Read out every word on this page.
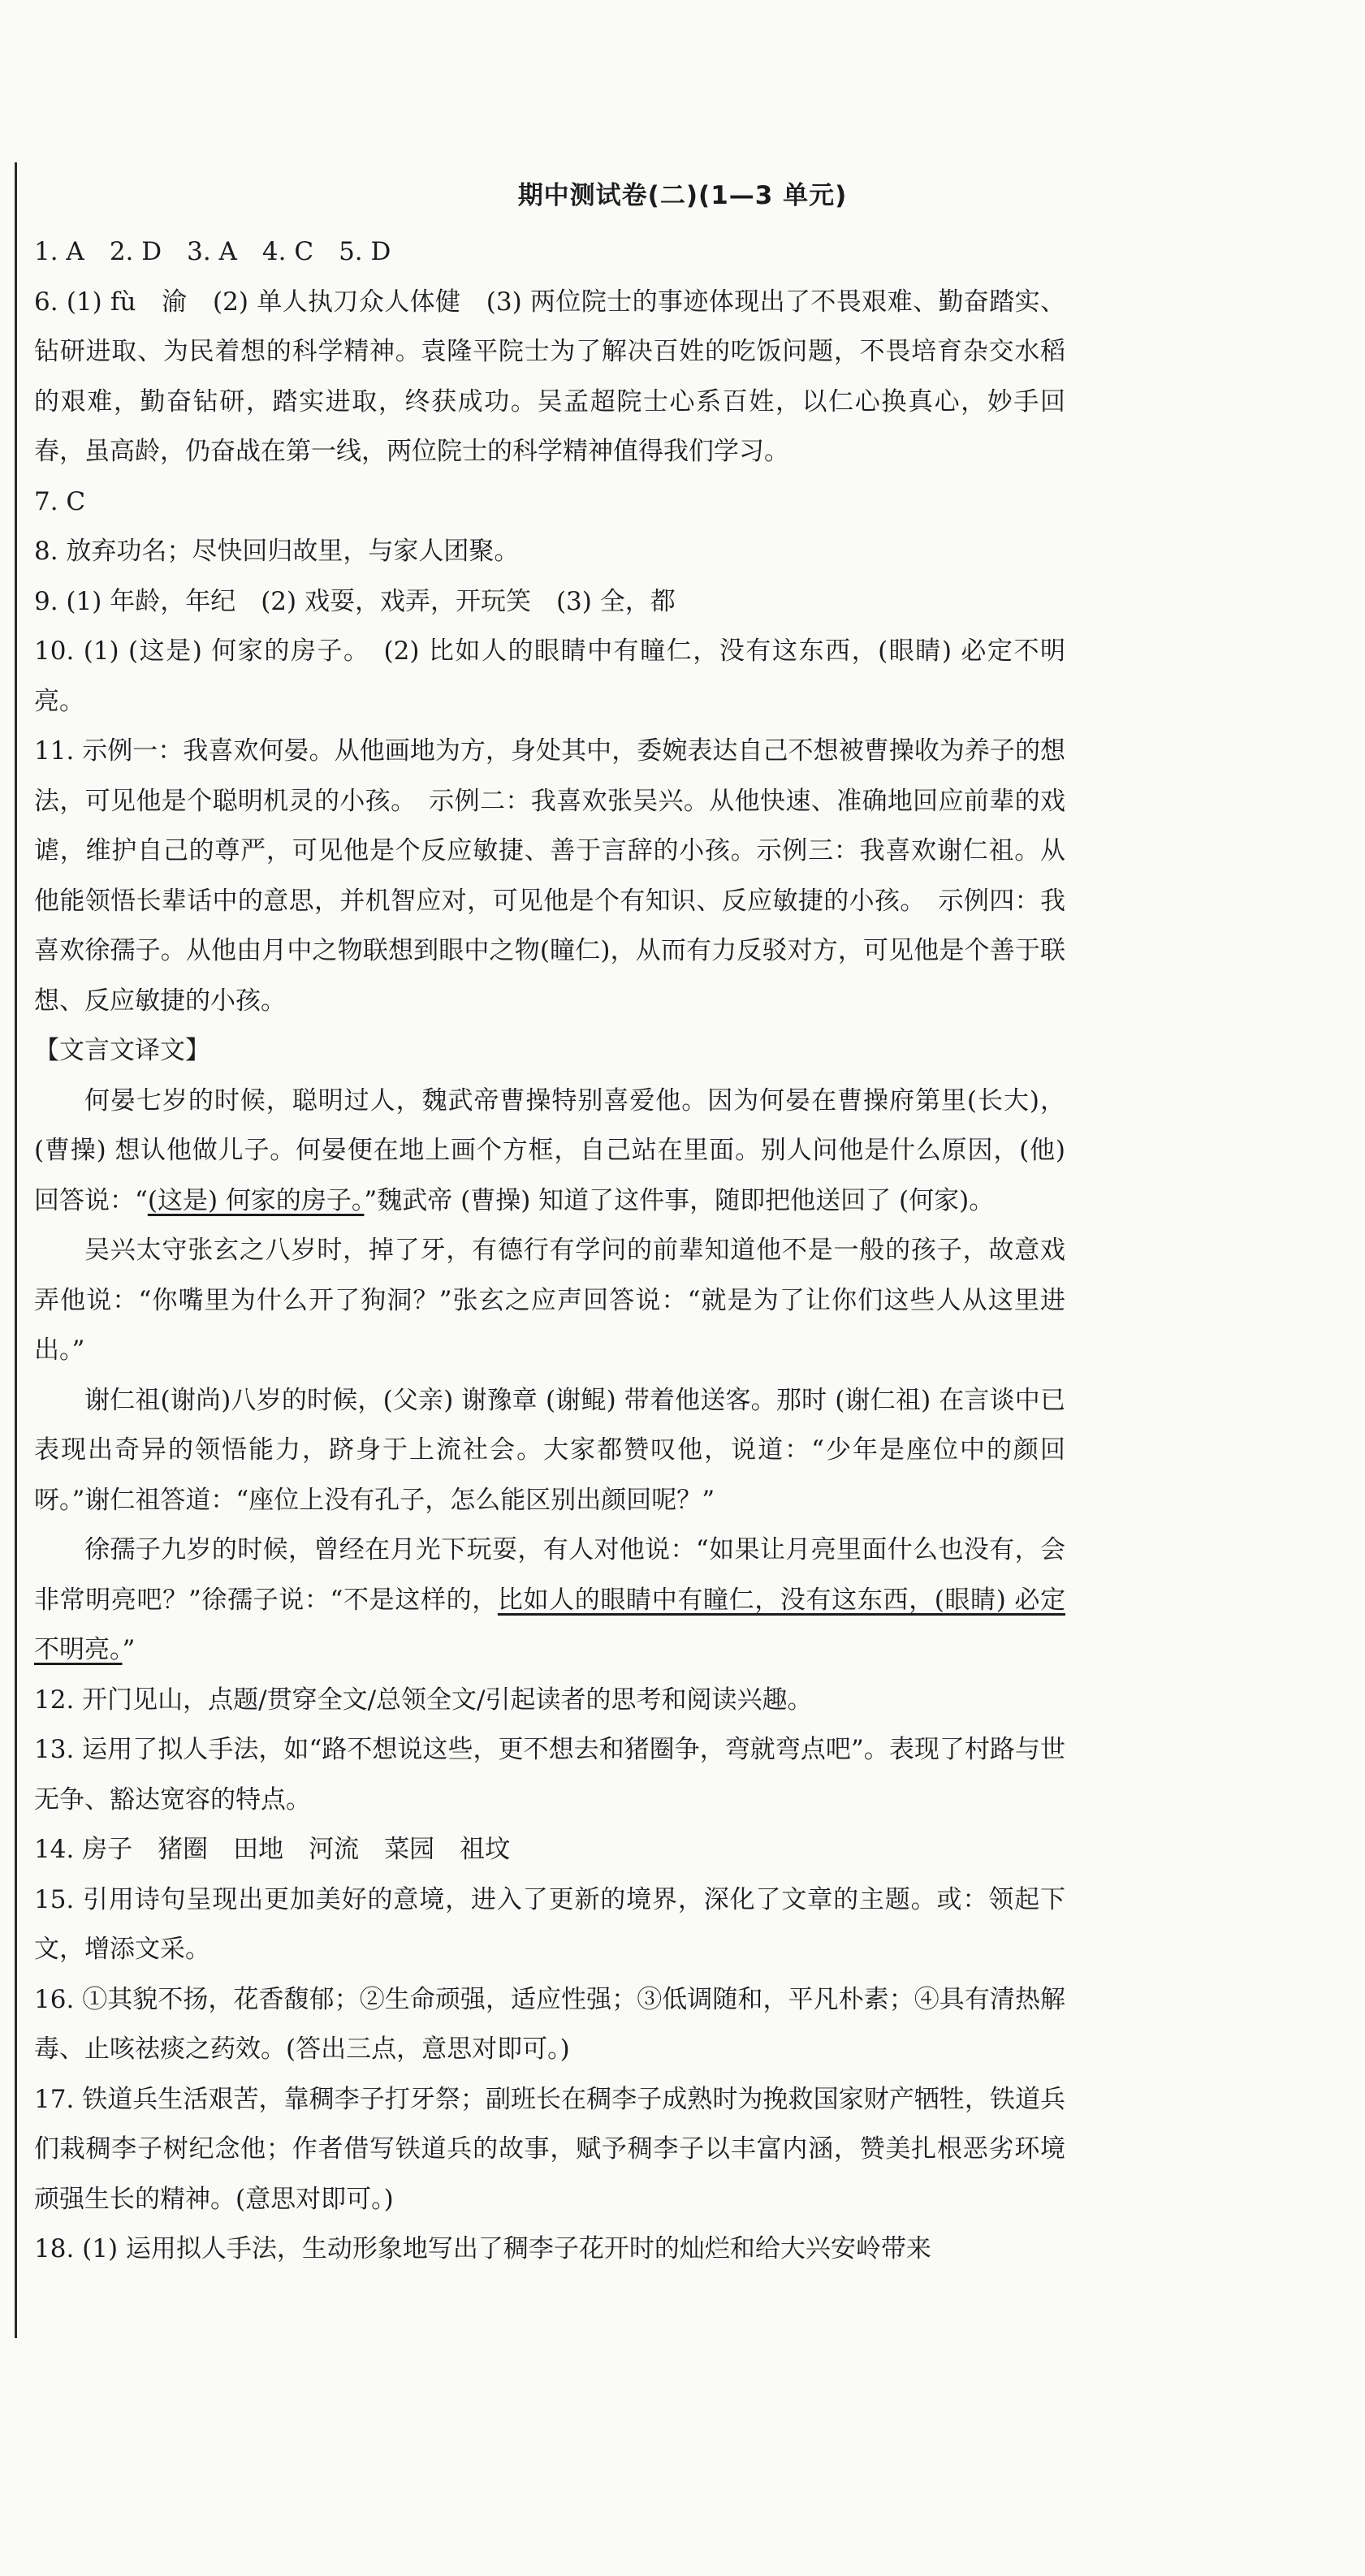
期中测试卷(二)(1—3 单元)

1. A　2. D　3. A　4. C　5. D

6. (1) fù　渝　(2) 单人执刀众人体健　(3) 两位院士的事迹体现出了不畏艰难、勤奋踏实、钻研进取、为民着想的科学精神。袁隆平院士为了解决百姓的吃饭问题，不畏培育杂交水稻的艰难，勤奋钻研，踏实进取，终获成功。吴孟超院士心系百姓，以仁心换真心，妙手回春，虽高龄，仍奋战在第一线，两位院士的科学精神值得我们学习。

7. C

8. 放弃功名；尽快回归故里，与家人团聚。

9. (1) 年龄，年纪　(2) 戏耍，戏弄，开玩笑　(3) 全，都

10. (1) (这是) 何家的房子。　(2) 比如人的眼睛中有瞳仁，没有这东西，(眼睛) 必定不明亮。

11. 示例一：我喜欢何晏。从他画地为方，身处其中，委婉表达自己不想被曹操收为养子的想法，可见他是个聪明机灵的小孩。　示例二：我喜欢张吴兴。从他快速、准确地回应前辈的戏谑，维护自己的尊严，可见他是个反应敏捷、善于言辞的小孩。示例三：我喜欢谢仁祖。从他能领悟长辈话中的意思，并机智应对，可见他是个有知识、反应敏捷的小孩。　示例四：我喜欢徐孺子。从他由月中之物联想到眼中之物(瞳仁)，从而有力反驳对方，可见他是个善于联想、反应敏捷的小孩。

【文言文译文】

何晏七岁的时候，聪明过人，魏武帝曹操特别喜爱他。因为何晏在曹操府第里(长大)，(曹操) 想认他做儿子。何晏便在地上画个方框，自己站在里面。别人问他是什么原因，(他) 回答说：“(这是) 何家的房子。”魏武帝 (曹操) 知道了这件事，随即把他送回了 (何家)。

吴兴太守张玄之八岁时，掉了牙，有德行有学问的前辈知道他不是一般的孩子，故意戏弄他说：“你嘴里为什么开了狗洞？”张玄之应声回答说：“就是为了让你们这些人从这里进出。”

谢仁祖(谢尚)八岁的时候，(父亲) 谢豫章 (谢鲲) 带着他送客。那时 (谢仁祖) 在言谈中已表现出奇异的领悟能力，跻身于上流社会。大家都赞叹他，说道：“少年是座位中的颜回呀。”谢仁祖答道：“座位上没有孔子，怎么能区别出颜回呢？”

徐孺子九岁的时候，曾经在月光下玩耍，有人对他说：“如果让月亮里面什么也没有，会非常明亮吧？”徐孺子说：“不是这样的，比如人的眼睛中有瞳仁，没有这东西，(眼睛) 必定不明亮。”

12. 开门见山，点题/贯穿全文/总领全文/引起读者的思考和阅读兴趣。

13. 运用了拟人手法，如“路不想说这些，更不想去和猪圈争，弯就弯点吧”。表现了村路与世无争、豁达宽容的特点。

14. 房子　猪圈　田地　河流　菜园　祖坟

15. 引用诗句呈现出更加美好的意境，进入了更新的境界，深化了文章的主题。或：领起下文，增添文采。

16. ①其貌不扬，花香馥郁；②生命顽强，适应性强；③低调随和，平凡朴素；④具有清热解毒、止咳祛痰之药效。(答出三点，意思对即可。)

17. 铁道兵生活艰苦，靠稠李子打牙祭；副班长在稠李子成熟时为挽救国家财产牺牲，铁道兵们栽稠李子树纪念他；作者借写铁道兵的故事，赋予稠李子以丰富内涵，赞美扎根恶劣环境顽强生长的精神。(意思对即可。)

18. (1) 运用拟人手法，生动形象地写出了稠李子花开时的灿烂和给大兴安岭带来
